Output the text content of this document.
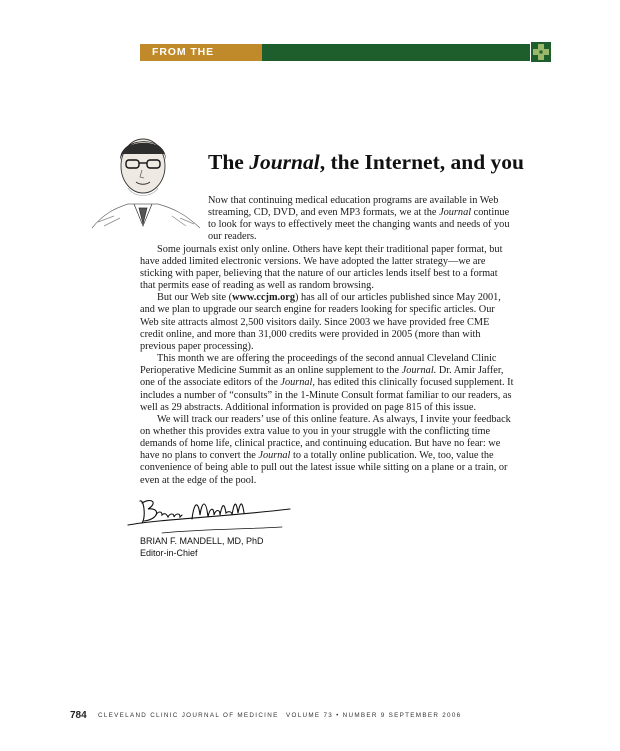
FROM THE EDITOR
The Journal, the Internet, and you

Now that continuing medical education programs are available in Web streaming, CD, DVD, and even MP3 formats, we at the Journal continue to look for ways to effectively meet the changing wants and needs of you our readers.

Some journals exist only online. Others have kept their traditional paper format, but have added limited electronic versions. We have adopted the latter strategy—we are sticking with paper, believing that the nature of our articles lends itself best to a format that permits ease of reading as well as random browsing.

But our Web site (www.ccjm.org) has all of our articles published since May 2001, and we plan to upgrade our search engine for readers looking for specific articles. Our Web site attracts almost 2,500 visitors daily. Since 2003 we have provided free CME credit online, and more than 31,000 credits were provided in 2005 (more than with previous paper processing).

This month we are offering the proceedings of the second annual Cleveland Clinic Perioperative Medicine Summit as an online supplement to the Journal. Dr. Amir Jaffer, one of the associate editors of the Journal, has edited this clinically focused supplement. It includes a number of “consults” in the 1-Minute Consult format familiar to our readers, as well as 29 abstracts. Additional information is provided on page 815 of this issue.

We will track our readers’ use of this online feature. As always, I invite your feedback on whether this provides extra value to you in your struggle with the conflicting time demands of home life, clinical practice, and continuing education. But have no fear: we have no plans to convert the Journal to a totally online publication. We, too, value the convenience of being able to pull out the latest issue while sitting on a plane or a train, or even at the edge of the pool.

BRIAN F. MANDELL, MD, PhD
Editor-in-Chief
784 CLEVELAND CLINIC JOURNAL OF MEDICINE VOLUME 73 • NUMBER 9 SEPTEMBER 2006
